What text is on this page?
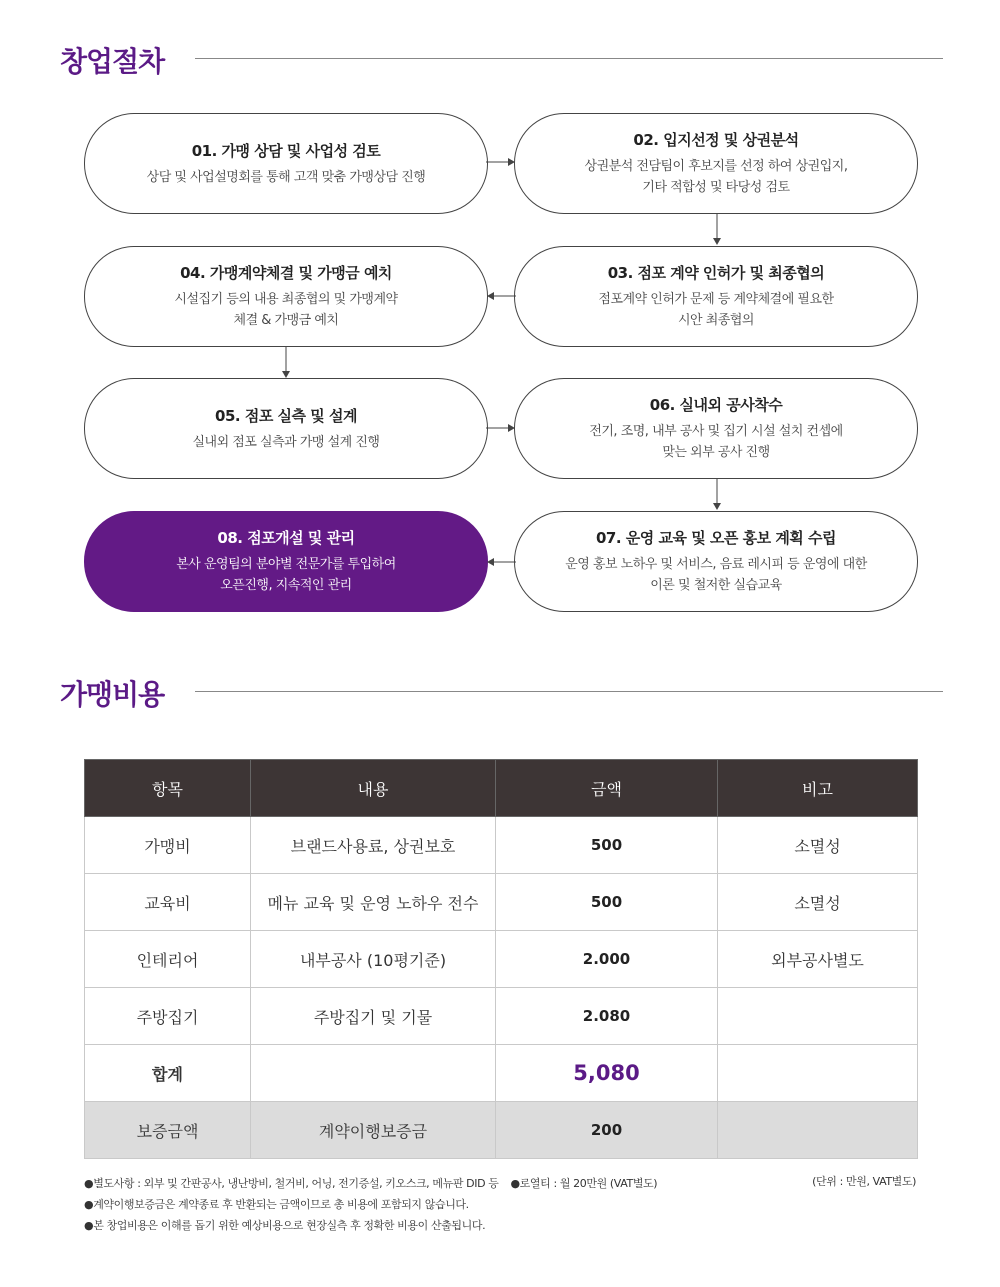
창업절차
01. 가맹 상담 및 사업성 검토
상담 및 사업설명회를 통해 고객 맞춤 가맹상담 진행
02. 입지선정 및 상권분석
상권분석 전담팀이 후보지를 선정 하여 상권입지,
기타 적합성 및 타당성 검토
03. 점포 계약 인허가 및 최종협의
점포계약 인허가 문제 등 계약체결에 필요한
시안 최종협의
04. 가맹계약체결 및 가맹금 예치
시설집기 등의 내용 최종협의 및 가맹계약
체결 & 가맹금 예치
05. 점포 실측 및 설계
실내외 점포 실측과 가맹 설계 진행
06. 실내외 공사착수
전기, 조명, 내부 공사 및 집기 시설 설치 컨셉에
맞는 외부 공사 진행
07. 운영 교육 및 오픈 홍보 계획 수립
운영 홍보 노하우 및 서비스, 음료 레시피 등 운영에 대한
이론 및 철저한 실습교육
08. 점포개설 및 관리
본사 운영팀의 분야별 전문가를 투입하여
오픈진행, 지속적인 관리
가맹비용
항목	내용	금액	비고
가맹비	브랜드사용료, 상권보호	500	소멸성
교육비	메뉴 교육 및 운영 노하우 전수	500	소멸성
인테리어	내부공사 (10평기준)	2.000	외부공사별도
주방집기	주방집기 및 기물	2.080	
합계		5,080	
보증금액	계약이행보증금	200	
●별도사항 : 외부 및 간판공사, 냉난방비, 철거비, 어닝, 전기증설, 키오스크, 메뉴판 DID 등 ●로열티 : 월 20만원 (VAT별도)
●계약이행보증금은 계약종료 후 반환되는 금액이므로 총 비용에 포함되지 않습니다.
●본 창업비용은 이해를 돕기 위한 예상비용으로 현장실측 후 정확한 비용이 산출됩니다.
(단위 : 만원, VAT별도)
